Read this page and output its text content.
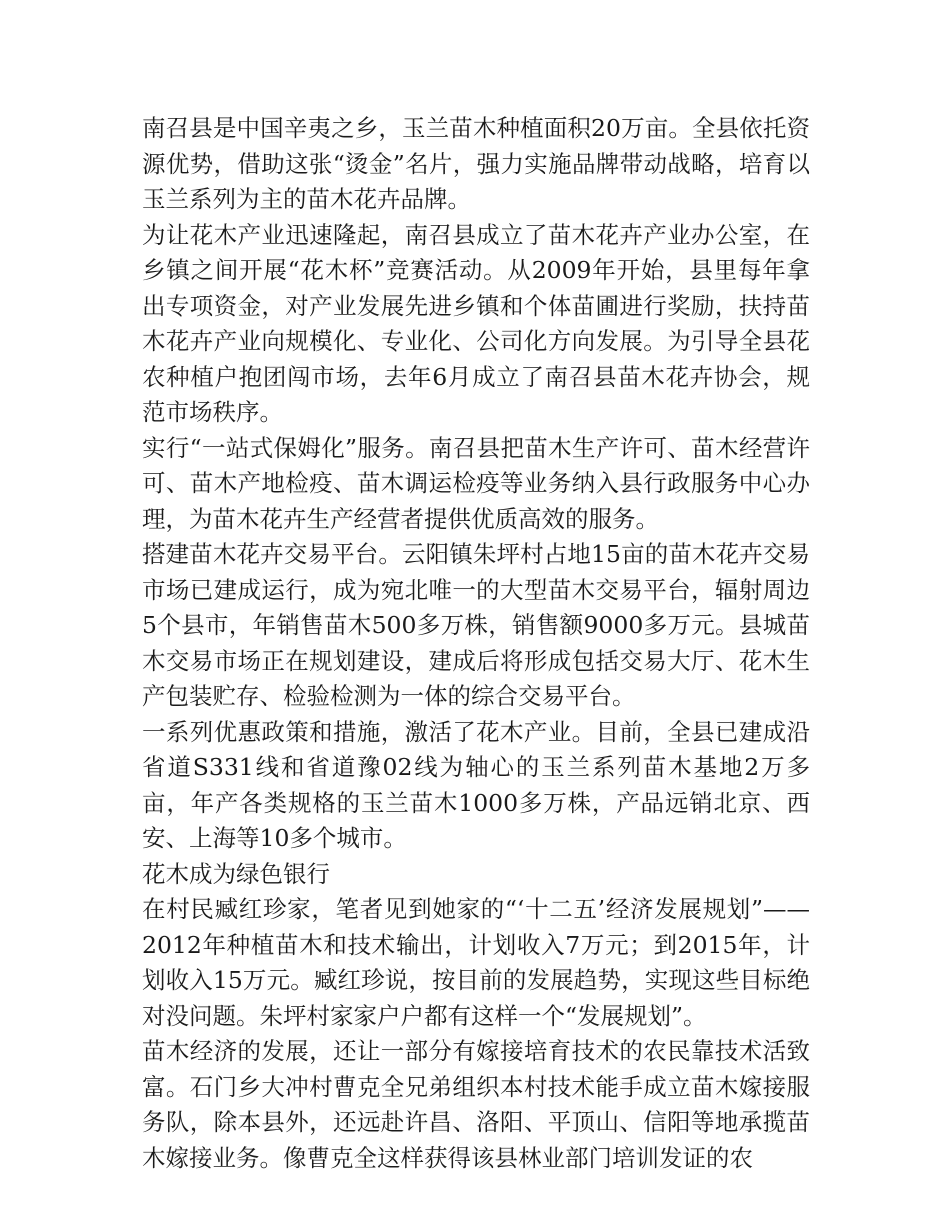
南召县是中国辛夷之乡，玉兰苗木种植面积20万亩。全县依托资源优势，借助这张“烫金”名片，强力实施品牌带动战略，培育以玉兰系列为主的苗木花卉品牌。

为让花木产业迅速隆起，南召县成立了苗木花卉产业办公室，在乡镇之间开展“花木杯”竞赛活动。从2009年开始，县里每年拿出专项资金，对产业发展先进乡镇和个体苗圃进行奖励，扶持苗木花卉产业向规模化、专业化、公司化方向发展。为引导全县花农种植户抱团闯市场，去年6月成立了南召县苗木花卉协会，规范市场秩序。

实行“一站式保姆化”服务。南召县把苗木生产许可、苗木经营许可、苗木产地检疫、苗木调运检疫等业务纳入县行政服务中心办理，为苗木花卉生产经营者提供优质高效的服务。

搭建苗木花卉交易平台。云阳镇朱坪村占地15亩的苗木花卉交易市场已建成运行，成为宛北唯一的大型苗木交易平台，辐射周边5个县市，年销售苗木500多万株，销售额9000多万元。县城苗木交易市场正在规划建设，建成后将形成包括交易大厅、花木生产包装贮存、检验检测为一体的综合交易平台。

一系列优惠政策和措施，激活了花木产业。目前，全县已建成沿省道S331线和省道豫02线为轴心的玉兰系列苗木基地2万多亩，年产各类规格的玉兰苗木1000多万株，产品远销北京、西安、上海等10多个城市。

花木成为绿色银行

在村民臧红珍家，笔者见到她家的“‘十二五’经济发展规划”——2012年种植苗木和技术输出，计划收入7万元；到2015年，计划收入15万元。臧红珍说，按目前的发展趋势，实现这些目标绝对没问题。朱坪村家家户户都有这样一个“发展规划”。

苗木经济的发展，还让一部分有嫁接培育技术的农民靠技术活致富。石门乡大冲村曹克全兄弟组织本村技术能手成立苗木嫁接服务队，除本县外，还远赴许昌、洛阳、平顶山、信阳等地承揽苗木嫁接业务。像曹克全这样获得该县林业部门培训发证的农
